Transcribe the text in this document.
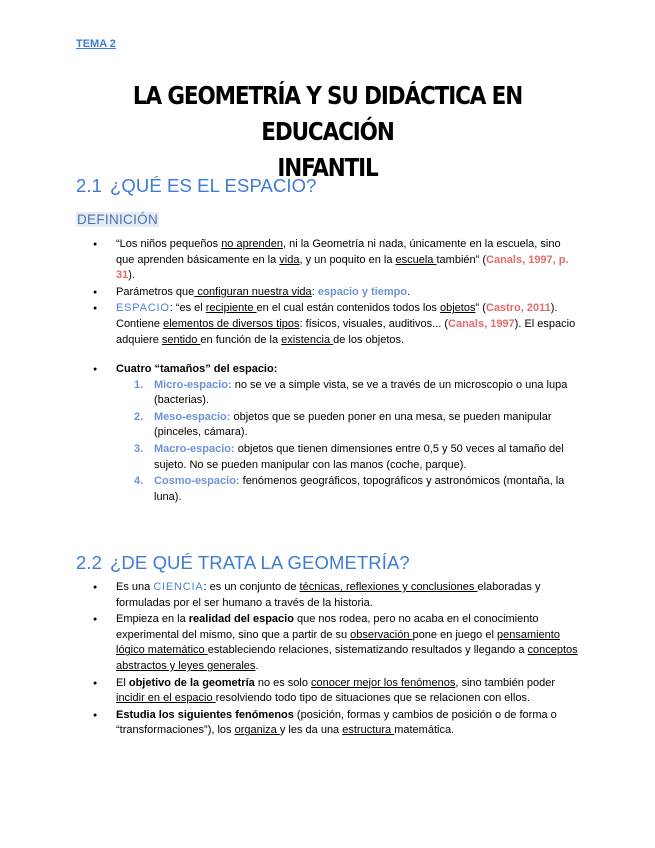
TEMA 2
LA GEOMETRÍA Y SU DIDÁCTICA EN EDUCACIÓN
INFANTIL
2.1 ¿QUÉ ES EL ESPACIO?
DEFINICIÓN
● “Los niños pequeños no aprenden, ni la Geometría ni nada, únicamente en la escuela, sino que aprenden básicamente en la vida, y un poquito en la escuela también” (Canals, 1997, p. 31).
● Parámetros que configuran nuestra vida: espacio y tiempo.
● ESPACIO: “es el recipiente en el cual están contenidos todos los objetos” (Castro, 2011). Contiene elementos de diversos tipos: físicos, visuales, auditivos... (Canals, 1997). El espacio adquiere sentido en función de la existencia de los objetos.
● Cuatro “tamaños” del espacio:
1. Micro-espacio: no se ve a simple vista, se ve a través de un microscopio o una lupa (bacterias).
2. Meso-espacio: objetos que se pueden poner en una mesa, se pueden manipular (pinceles, cámara).
3. Macro-espacio: objetos que tienen dimensiones entre 0,5 y 50 veces al tamaño del sujeto. No se pueden manipular con las manos (coche, parque).
4. Cosmo-espacio: fenómenos geográficos, topográficos y astronómicos (montaña, la luna).
2.2 ¿DE QUÉ TRATA LA GEOMETRÍA?
● Es una CIENCIA: es un conjunto de técnicas, reflexiones y conclusiones elaboradas y formuladas por el ser humano a través de la historia.
● Empieza en la realidad del espacio que nos rodea, pero no acaba en el conocimiento experimental del mismo, sino que a partir de su observación pone en juego el pensamiento lógico matemático estableciendo relaciones, sistematizando resultados y llegando a conceptos abstractos y leyes generales.
● El objetivo de la geometría no es solo conocer mejor los fenómenos, sino también poder incidir en el espacio resolviendo todo tipo de situaciones que se relacionen con ellos.
● Estudia los siguientes fenómenos (posición, formas y cambios de posición o de forma o “transformaciones”), los organiza y les da una estructura matemática.
